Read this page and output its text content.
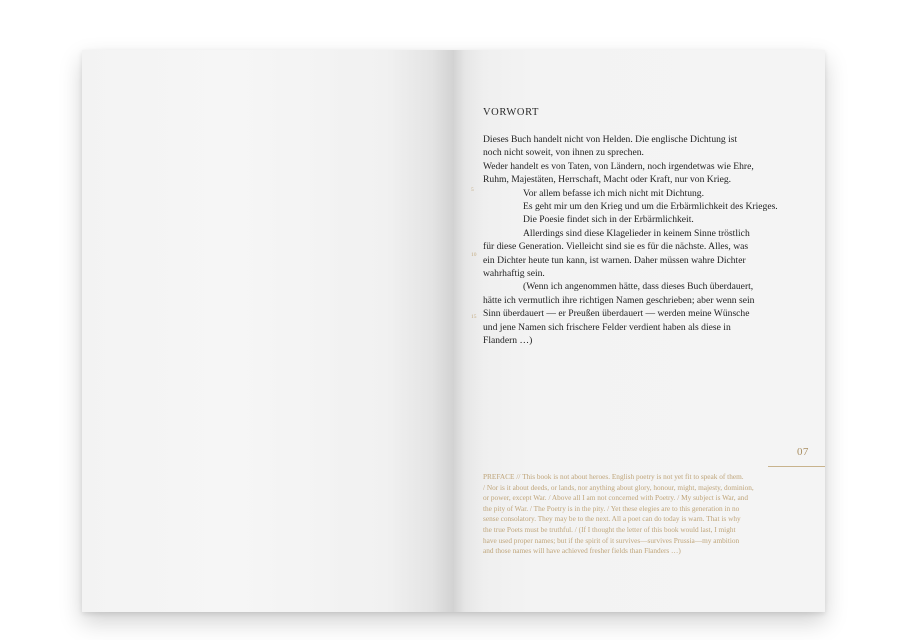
VORWORT
Dieses Buch handelt nicht von Helden. Die englische Dichtung ist
noch nicht soweit, von ihnen zu sprechen.
Weder handelt es von Taten, von Ländern, noch irgendetwas wie Ehre,
Ruhm, Majestäten, Herrschaft, Macht oder Kraft, nur von Krieg.
Vor allem befasse ich mich nicht mit Dichtung.
Es geht mir um den Krieg und um die Erbärmlichkeit des Krieges.
Die Poesie findet sich in der Erbärmlichkeit.
Allerdings sind diese Klagelieder in keinem Sinne tröstlich
für diese Generation. Vielleicht sind sie es für die nächste. Alles, was
ein Dichter heute tun kann, ist warnen. Daher müssen wahre Dichter
wahrhaftig sein.
(Wenn ich angenommen hätte, dass dieses Buch überdauert,
hätte ich vermutlich ihre richtigen Namen geschrieben; aber wenn sein
Sinn überdauert — er Preußen überdauert — werden meine Wünsche
und jene Namen sich frischere Felder verdient haben als diese in
Flandern …)
5
10
15
07
PREFACE // This book is not about heroes. English poetry is not yet fit to speak of them.
/ Nor is it about deeds, or lands, nor anything about glory, honour, might, majesty, dominion,
or power, except War. / Above all I am not concerned with Poetry. / My subject is War, and
the pity of War. / The Poetry is in the pity. / Yet these elegies are to this generation in no
sense consolatory. They may be to the next. All a poet can do today is warn. That is why
the true Poets must be truthful. / (If I thought the letter of this book would last, I might
have used proper names; but if the spirit of it survives—survives Prussia—my ambition
and those names will have achieved fresher fields than Flanders …)
